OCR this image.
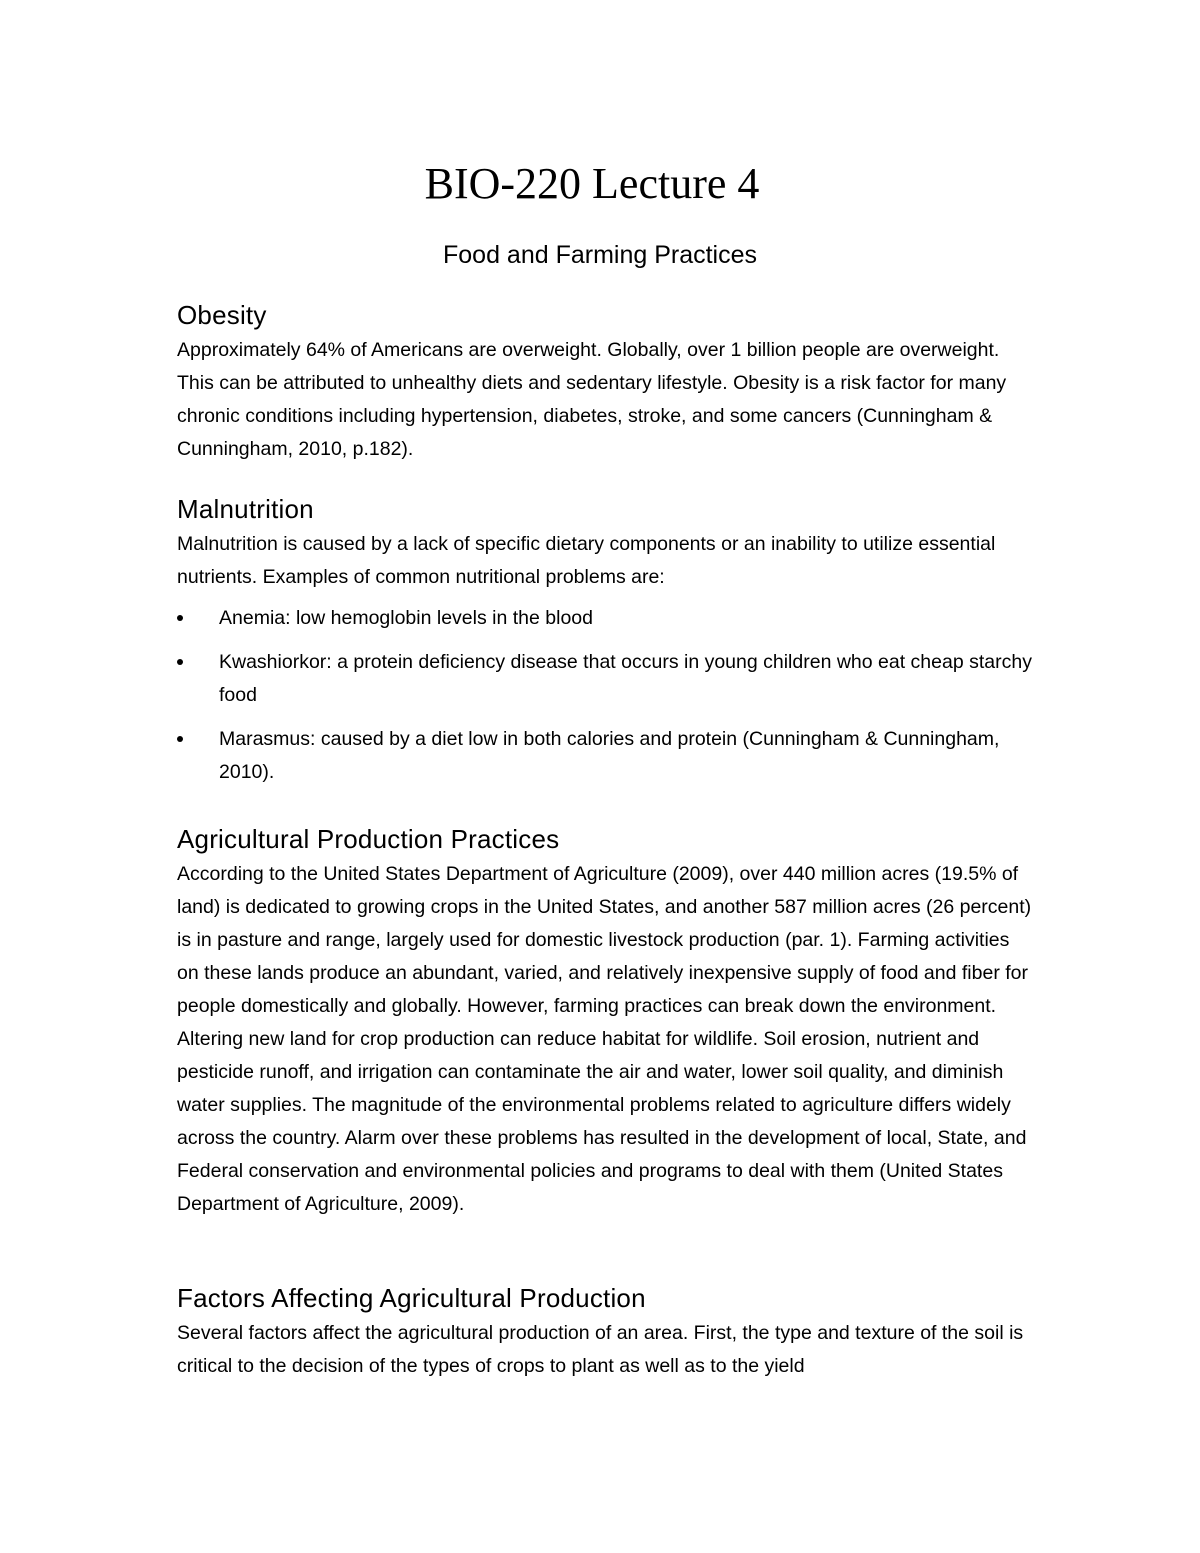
BIO-220 Lecture 4
Food and Farming Practices
Obesity

Approximately 64% of Americans are overweight. Globally, over 1 billion people are overweight. This can be attributed to unhealthy diets and sedentary lifestyle. Obesity is a risk factor for many chronic conditions including hypertension, diabetes, stroke, and some cancers (Cunningham & Cunningham, 2010, p.182).

Malnutrition

Malnutrition is caused by a lack of specific dietary components or an inability to utilize essential nutrients. Examples of common nutritional problems are:

Anemia: low hemoglobin levels in the blood
Kwashiorkor: a protein deficiency disease that occurs in young children who eat cheap starchy food
Marasmus: caused by a diet low in both calories and protein (Cunningham & Cunningham, 2010).
Agricultural Production Practices

According to the United States Department of Agriculture (2009), over 440 million acres (19.5% of land) is dedicated to growing crops in the United States, and another 587 million acres (26 percent) is in pasture and range, largely used for domestic livestock production (par. 1). Farming activities on these lands produce an abundant, varied, and relatively inexpensive supply of food and fiber for people domestically and globally. However, farming practices can break down the environment. Altering new land for crop production can reduce habitat for wildlife. Soil erosion, nutrient and pesticide runoff, and irrigation can contaminate the air and water, lower soil quality, and diminish water supplies. The magnitude of the environmental problems related to agriculture differs widely across the country. Alarm over these problems has resulted in the development of local, State, and Federal conservation and environmental policies and programs to deal with them (United States Department of Agriculture, 2009).

Factors Affecting Agricultural Production

Several factors affect the agricultural production of an area. First, the type and texture of the soil is critical to the decision of the types of crops to plant as well as to the yield
